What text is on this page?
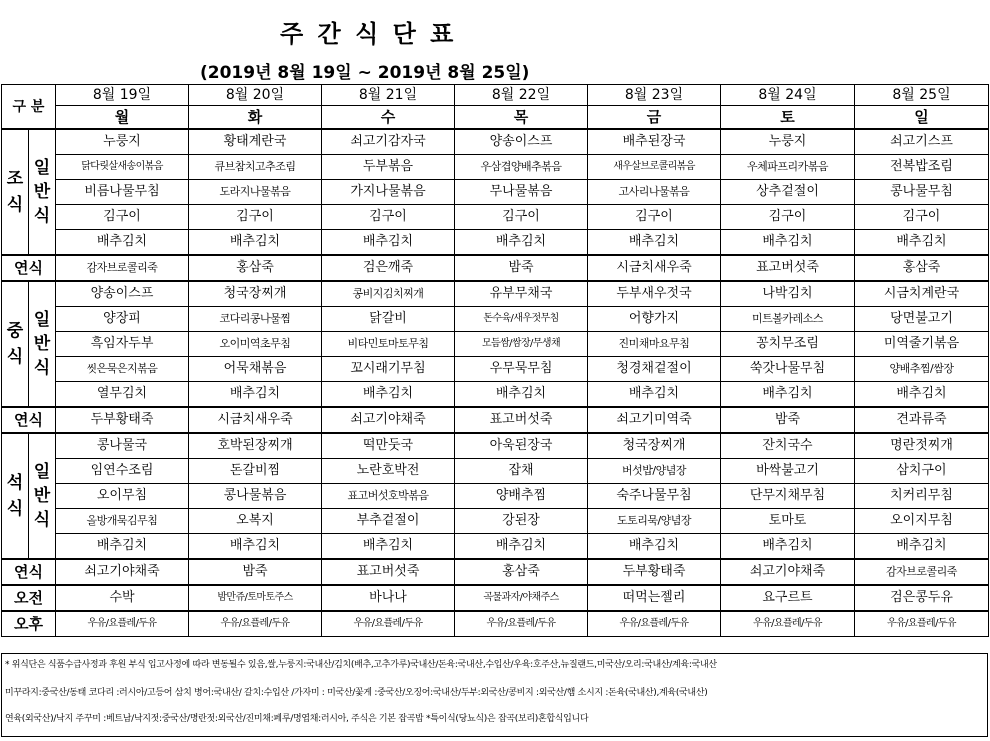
주 간 식 단 표
(2019년 8월 19일 ~ 2019년 8월 25일)
구 분		8월 19일	8월 20일	8월 21일	8월 22일	8월 23일	8월 24일	8월 25일
		월	화	수	목	금	토	일
조 식	일 반 식	누룽지	황태계란국	쇠고기감자국	양송이스프	배추된장국	누룽지	쇠고기스프
		닭다릿살새송이볶음	큐브참치고추조림	두부볶음	우삼겹양배추볶음	새우살브로콜리볶음	우체파프리카볶음	전복밥조림
		비름나물무침	도라지나물볶음	가지나물볶음	무나물볶음	고사리나물볶음	상추겉절이	콩나물무침
		김구이	김구이	김구이	김구이	김구이	김구이	김구이
		배추김치	배추김치	배추김치	배추김치	배추김치	배추김치	배추김치
연식		감자브로콜리죽	홍삼죽	검은깨죽	밤죽	시금치새우죽	표고버섯죽	홍삼죽
중 식	일 반 식	양송이스프	청국장찌개	콩비지김치찌개	유부무채국	두부새우젓국	나박김치	시금치계란국
		양장피	코다리콩나물찜	닭갈비	돈수육/새우젓무침	어향가지	미트볼카레소스	당면불고기
		흑임자두부	오이미역초무침	비타민토마토무침	모듬쌈/쌈장/무생채	진미채마요무침	꽁치무조림	미역줄기볶음
		씻은묵은지볶음	어묵채볶음	꼬시래기무침	우무묵무침	청경채겉절이	쑥갓나물무침	양배추찜/쌈장
		열무김치	배추김치	배추김치	배추김치	배추김치	배추김치	배추김치
연식		두부황태죽	시금치새우죽	쇠고기야채죽	표고버섯죽	쇠고기미역죽	밤죽	견과류죽
석 식	일 반 식	콩나물국	호박된장찌개	떡만둣국	아욱된장국	청국장찌개	잔치국수	명란젓찌개
		임연수조림	돈갈비찜	노란호박전	잡채	버섯밥/양념장	바싹불고기	삼치구이
		오이무침	콩나물볶음	표고버섯호박볶음	양배추찜	숙주나물무침	단무지채무침	치커리무침
		올방개묵김무침	오복지	부추겉절이	강된장	도토리묵/양념장	토마토	오이지무침
		배추김치	배추김치	배추김치	배추김치	배추김치	배추김치	배추김치
연식		쇠고기야채죽	밤죽	표고버섯죽	홍삼죽	두부황태죽	쇠고기야채죽	감자브로콜리죽
오전		수박	밤만쥬/토마토주스	바나나	곡물과자/야채주스	떠먹는젤리	요구르트	검은콩두유
오후		우유/요플레/두유	우유/요플레/두유	우유/요플레/두유	우유/요플레/두유	우유/요플레/두유	우유/요플레/두유	우유/요플레/두유
* 위식단은 식품수급사정과 후원 부식 입고사정에 따라 변동될수 있음,쌀,누룽지:국내산/김치(배추,고추가루)국내산/돈육:국내산,수입산/우육:호주산,뉴질랜드,미국산/오리:국내산/계육:국내산
미꾸라지:중국산/동태 코다리 :러시아/고등어 삼치 병어:국내산/ 갈치:수입산 /가자미 : 미국산/꽃게 :중국산/오징어:국내산/두부:외국산/콩비지 :외국산/햄 소시지 :돈육(국내산),계육(국내산)
연육(외국산)/낙지 주꾸미 :베트남/낙지젓:중국산/명란젓:외국산/진미채:페루/명엽채:러시아, 주식은 기본 잡곡밥 *특이식(당뇨식)은 잡곡(보리)혼합식입니다
